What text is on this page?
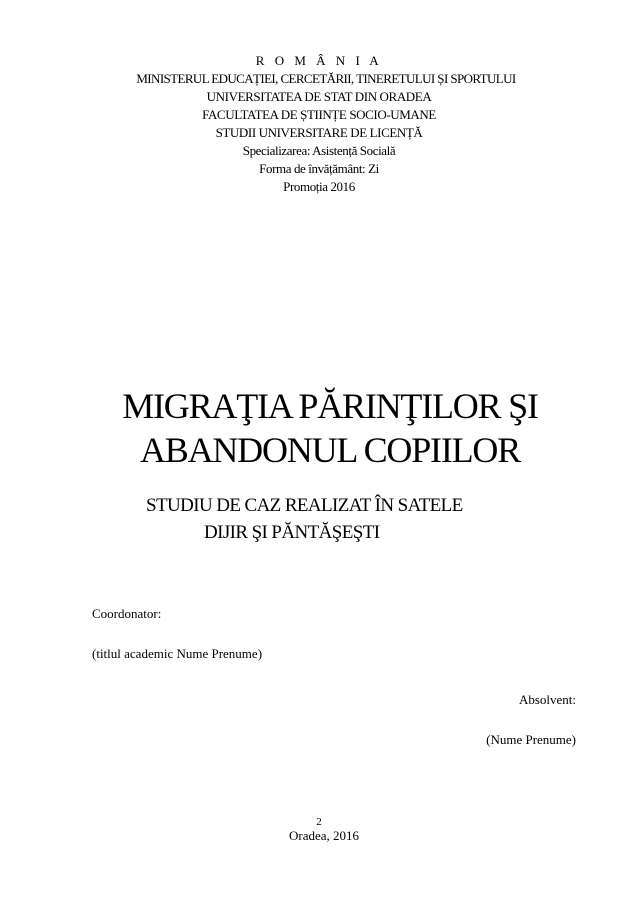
R O M Â N I A
MINISTERUL EDUCAȚIEI, CERCETĂRII, TINERETULUI ȘI SPORTULUI
UNIVERSITATEA DE STAT DIN ORADEA
FACULTATEA DE ȘTIINȚE SOCIO-UMANE
STUDII UNIVERSITARE DE LICENȚĂ
Specializarea: Asistență Socială
Forma de învățământ: Zi
Promoția 2016
MIGRAŢIA PĂRINŢILOR ŞI
ABANDONUL COPIILOR
STUDIU DE CAZ REALIZAT ÎN SATELE
DIJIR ŞI PĂNTĂŞEŞTI
Coordonator:
(titlul academic Nume Prenume)
Absolvent:
(Nume Prenume)
2
Oradea, 2016
